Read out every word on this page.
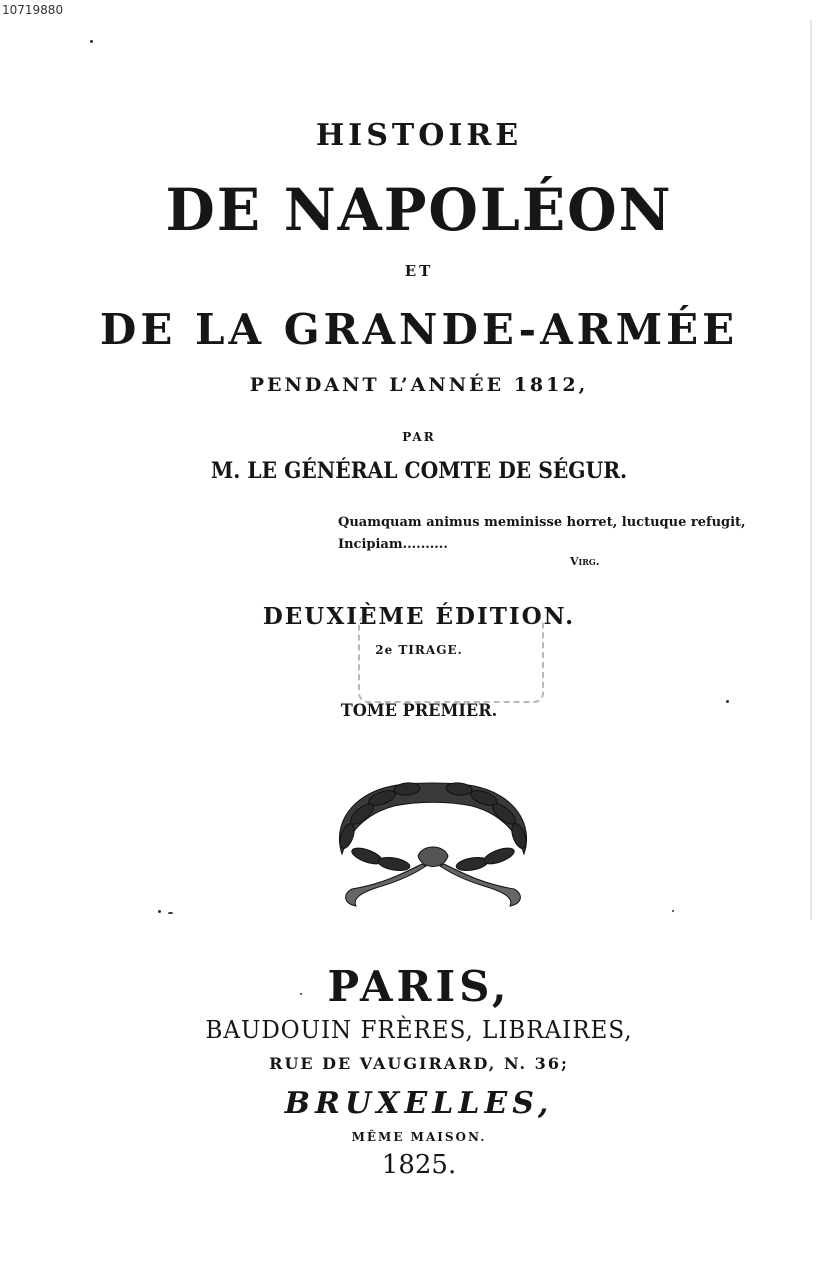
10719880
HISTOIRE
DE NAPOLÉON
ET
DE LA GRANDE-ARMÉE
PENDANT L’ANNÉE 1812,
PAR
M. LE GÉNÉRAL COMTE DE SÉGUR.
Quamquam animus meminisse horret, luctuque refugit,
Incipiam..........
Virg.
DEUXIÈME ÉDITION.
2e TIRAGE.
TOME PREMIER.
PARIS,
BAUDOUIN FRÈRES, LIBRAIRES,
RUE DE VAUGIRARD, N. 36;
BRUXELLES,
MÊME MAISON.
1825.
